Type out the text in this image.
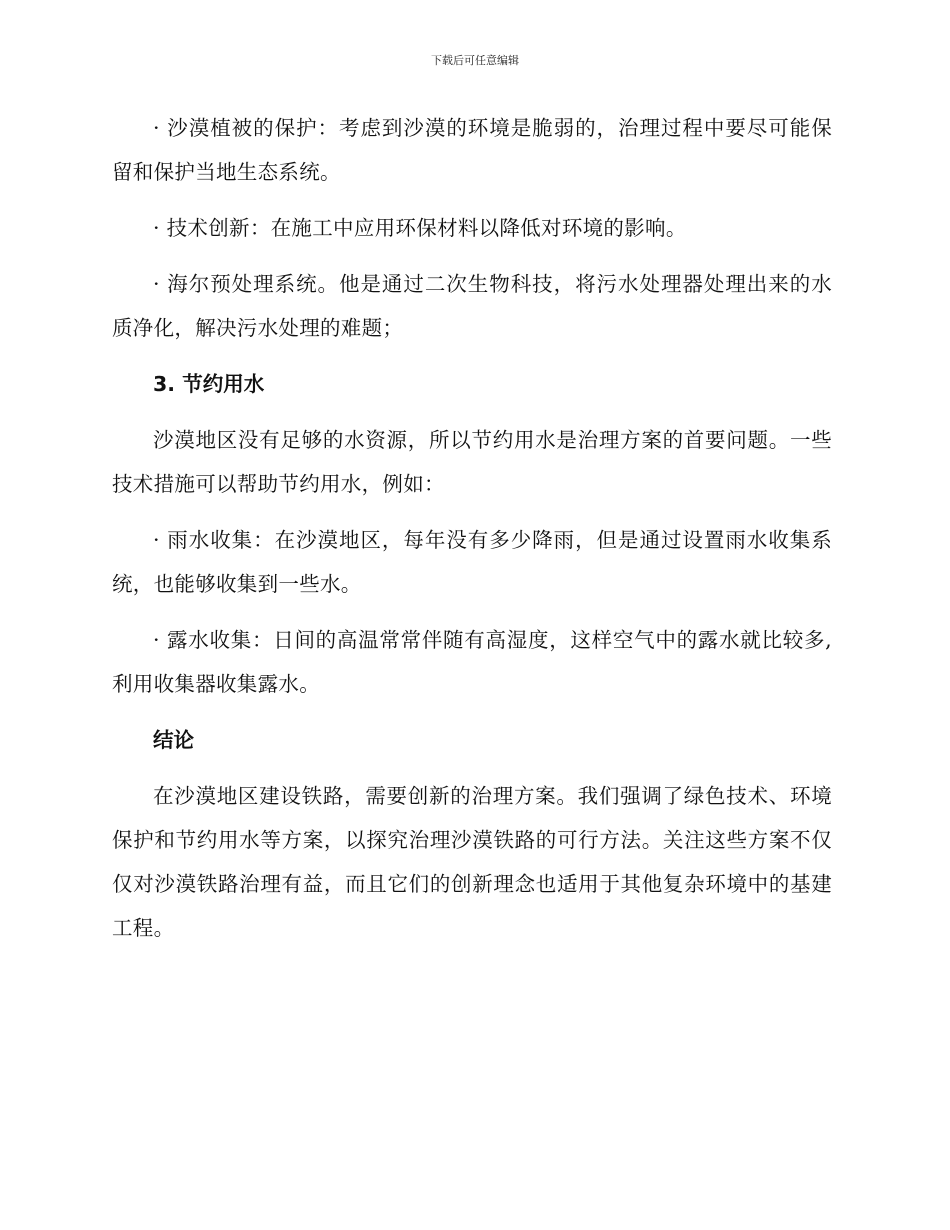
下载后可任意编辑

· 沙漠植被的保护：考虑到沙漠的环境是脆弱的，治理过程中要尽可能保留和保护当地生态系统。

· 技术创新：在施工中应用环保材料以降低对环境的影响。

· 海尔预处理系统。他是通过二次生物科技，将污水处理器处理出来的水质净化，解决污水处理的难题；

3. 节约用水

沙漠地区没有足够的水资源，所以节约用水是治理方案的首要问题。一些技术措施可以帮助节约用水，例如：

· 雨水收集：在沙漠地区，每年没有多少降雨，但是通过设置雨水收集系统，也能够收集到一些水。

· 露水收集：日间的高温常常伴随有高湿度，这样空气中的露水就比较多,利用收集器收集露水。

结论

在沙漠地区建设铁路，需要创新的治理方案。我们强调了绿色技术、环境保护和节约用水等方案，以探究治理沙漠铁路的可行方法。关注这些方案不仅仅对沙漠铁路治理有益，而且它们的创新理念也适用于其他复杂环境中的基建工程。
